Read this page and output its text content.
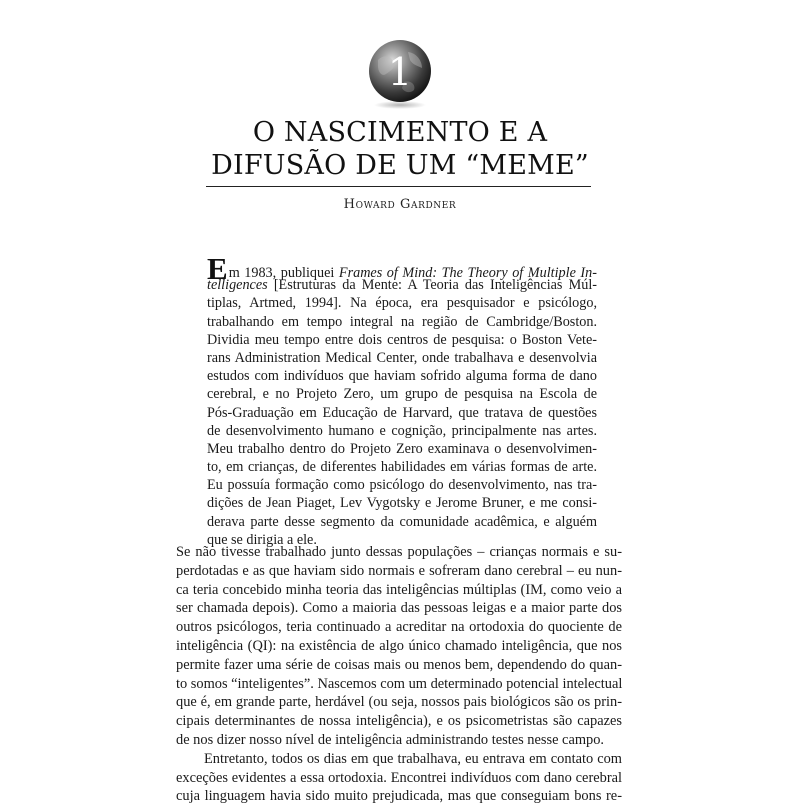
1
O NASCIMENTO E A
DIFUSÃO DE UM “MEME”
Howard Gardner
Em 1983, publiquei Frames of Mind: The Theory of Multiple In-
telligences [Estruturas da Mente: A Teoria das Inteligências Múl-
tiplas, Artmed, 1994]. Na época, era pesquisador e psicólogo,
trabalhando em tempo integral na região de Cambridge/Boston.
Dividia meu tempo entre dois centros de pesquisa: o Boston Vete-
rans Administration Medical Center, onde trabalhava e desenvolvia
estudos com indivíduos que haviam sofrido alguma forma de dano
cerebral, e no Projeto Zero, um grupo de pesquisa na Escola de
Pós-Graduação em Educação de Harvard, que tratava de questões
de desenvolvimento humano e cognição, principalmente nas artes.
Meu trabalho dentro do Projeto Zero examinava o desenvolvimen-
to, em crianças, de diferentes habilidades em várias formas de arte.
Eu possuía formação como psicólogo do desenvolvimento, nas tra-
dições de Jean Piaget, Lev Vygotsky e Jerome Bruner, e me consi-
derava parte desse segmento da comunidade acadêmica, e alguém
que se dirigia a ele.
Se não tivesse trabalhado junto dessas populações – crianças normais e su-
perdotadas e as que haviam sido normais e sofreram dano cerebral – eu nun-
ca teria concebido minha teoria das inteligências múltiplas (IM, como veio a
ser chamada depois). Como a maioria das pessoas leigas e a maior parte dos
outros psicólogos, teria continuado a acreditar na ortodoxia do quociente de
inteligência (QI): na existência de algo único chamado inteligência, que nos
permite fazer uma série de coisas mais ou menos bem, dependendo do quan-
to somos “inteligentes”. Nascemos com um determinado potencial intelectual
que é, em grande parte, herdável (ou seja, nossos pais biológicos são os prin-
cipais determinantes de nossa inteligência), e os psicometristas são capazes
de nos dizer nosso nível de inteligência administrando testes nesse campo.
Entretanto, todos os dias em que trabalhava, eu entrava em contato com
exceções evidentes a essa ortodoxia. Encontrei indivíduos com dano cerebral
cuja linguagem havia sido muito prejudicada, mas que conseguiam bons re-
